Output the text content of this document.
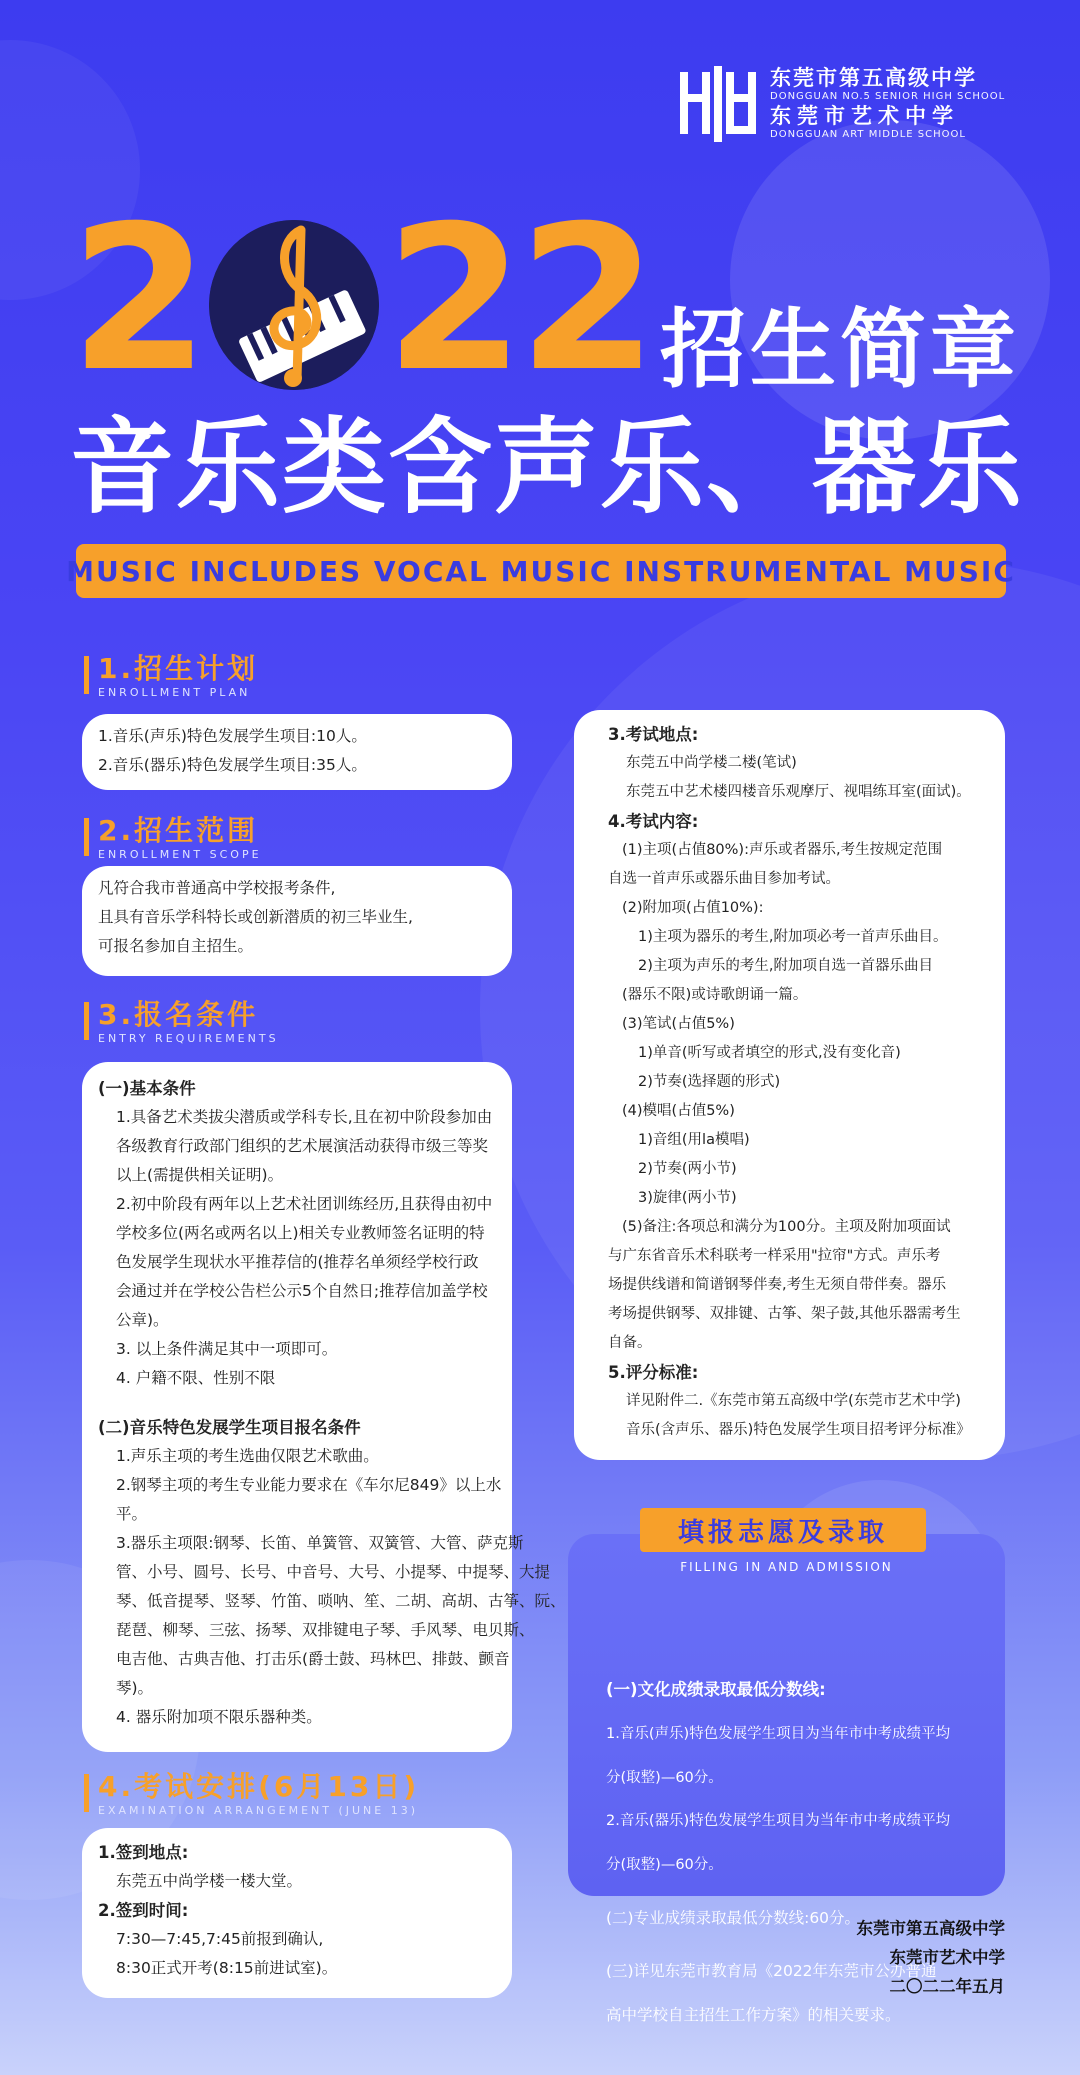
东莞市第五高级中学
DONGGUAN NO.5 SENIOR HIGH SCHOOL
东莞市艺术中学
DONGGUAN ART MIDDLE SCHOOL
2 22 招生简章
音乐类含声乐、器乐
MUSIC INCLUDES VOCAL MUSIC INSTRUMENTAL MUSIC
1.招生计划
ENROLLMENT PLAN

1.音乐(声乐)特色发展学生项目:10人。

2.音乐(器乐)特色发展学生项目:35人。

2.招生范围
ENROLLMENT SCOPE

凡符合我市普通高中学校报考条件,

且具有音乐学科特长或创新潜质的初三毕业生,

可报名参加自主招生。

3.报名条件
ENTRY REQUIREMENTS

(一)基本条件

1.具备艺术类拔尖潜质或学科专长,且在初中阶段参加由

各级教育行政部门组织的艺术展演活动获得市级三等奖

以上(需提供相关证明)。

2.初中阶段有两年以上艺术社团训练经历,且获得由初中

学校多位(两名或两名以上)相关专业教师签名证明的特

色发展学生现状水平推荐信的(推荐名单须经学校行政

会通过并在学校公告栏公示5个自然日;推荐信加盖学校

公章)。

3. 以上条件满足其中一项即可。

4. 户籍不限、性别不限

(二)音乐特色发展学生项目报名条件

1.声乐主项的考生选曲仅限艺术歌曲。

2.钢琴主项的考生专业能力要求在《车尔尼849》以上水

平。

3.器乐主项限:钢琴、长笛、单簧管、双簧管、大管、萨克斯

管、小号、圆号、长号、中音号、大号、小提琴、中提琴、大提

琴、低音提琴、竖琴、竹笛、唢呐、笙、二胡、高胡、古筝、阮、

琵琶、柳琴、三弦、扬琴、双排键电子琴、手风琴、电贝斯、

电吉他、古典吉他、打击乐(爵士鼓、玛林巴、排鼓、颤音

琴)。

4. 器乐附加项不限乐器种类。

4.考试安排(6月13日)
EXAMINATION ARRANGEMENT (JUNE 13)

1.签到地点:

东莞五中尚学楼一楼大堂。

2.签到时间:

7:30—7:45,7:45前报到确认,

8:30正式开考(8:15前进试室)。

3.考试地点:

东莞五中尚学楼二楼(笔试)

东莞五中艺术楼四楼音乐观摩厅、视唱练耳室(面试)。

4.考试内容:

(1)主项(占值80%):声乐或者器乐,考生按规定范围

自选一首声乐或器乐曲目参加考试。

(2)附加项(占值10%):

1)主项为器乐的考生,附加项必考一首声乐曲目。

2)主项为声乐的考生,附加项自选一首器乐曲目

(器乐不限)或诗歌朗诵一篇。

(3)笔试(占值5%)

1)单音(听写或者填空的形式,没有变化音)

2)节奏(选择题的形式)

(4)模唱(占值5%)

1)音组(用la模唱)

2)节奏(两小节)

3)旋律(两小节)

(5)备注:各项总和满分为100分。主项及附加项面试

与广东省音乐术科联考一样采用"拉帘"方式。声乐考

场提供线谱和简谱钢琴伴奏,考生无须自带伴奏。器乐

考场提供钢琴、双排键、古筝、架子鼓,其他乐器需考生

自备。

5.评分标准:

详见附件二.《东莞市第五高级中学(东莞市艺术中学)

音乐(含声乐、器乐)特色发展学生项目招考评分标准》

(一)文化成绩录取最低分数线:

1.音乐(声乐)特色发展学生项目为当年市中考成绩平均

分(取整)—60分。

2.音乐(器乐)特色发展学生项目为当年市中考成绩平均

分(取整)—60分。

(二)专业成绩录取最低分数线:60分。

(三)详见东莞市教育局《2022年东莞市公办普通

高中学校自主招生工作方案》的相关要求。

填报志愿及录取
FILLING IN AND ADMISSION
东莞市第五高级中学
东莞市艺术中学
二〇二二年五月
